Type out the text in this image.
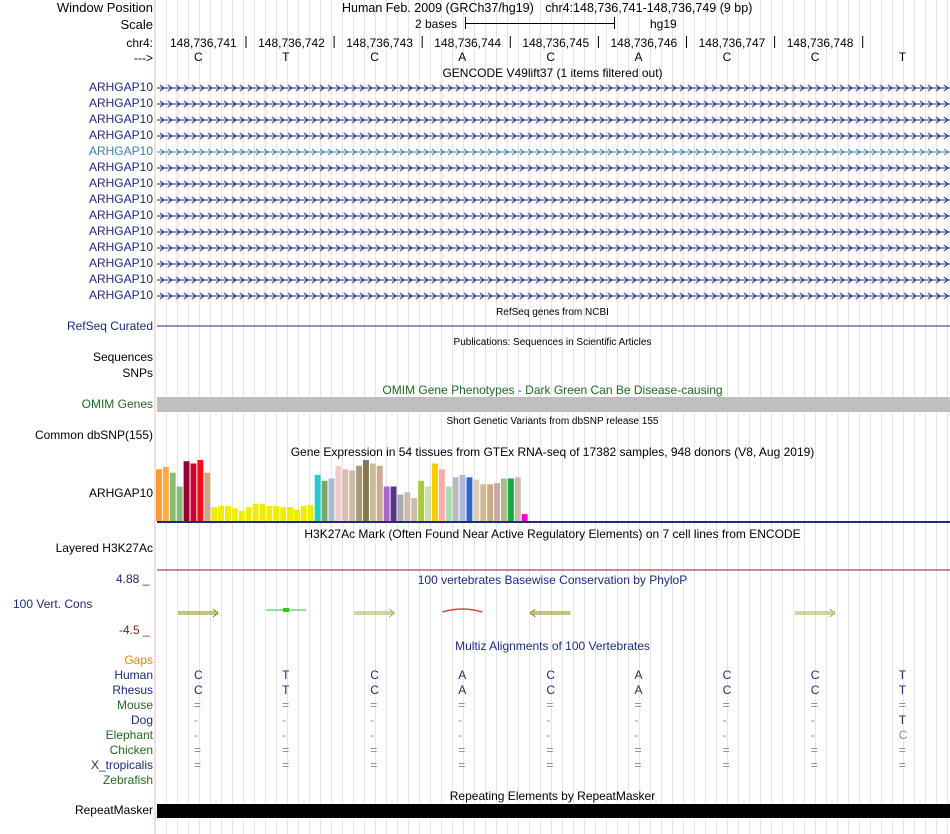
Window Position	Human Feb. 2009 (GRCh37/hg19) chr4:148,736,741-148,736,749 (9 bp)
Scale	2 bases	hg19
chr4: 148,736,741 148,736,742 148,736,743 148,736,744 148,736,745 148,736,746 148,736,747 148,736,748
--->	C	T	C	A	C	A	C	C	T
GENCODE V49lift37 (1 items filtered out)
ARHGAP10
ARHGAP10
ARHGAP10
ARHGAP10
ARHGAP10
ARHGAP10
ARHGAP10
ARHGAP10
ARHGAP10
ARHGAP10
ARHGAP10
ARHGAP10
ARHGAP10
ARHGAP10
RefSeq genes from NCBI
RefSeq Curated
Publications: Sequences in Scientific Articles
Sequences
SNPs
OMIM Gene Phenotypes - Dark Green Can Be Disease-causing
OMIM Genes
Short Genetic Variants from dbSNP release 155
Common dbSNP(155)
Gene Expression in 54 tissues from GTEx RNA-seq of 17382 samples, 948 donors (V8, Aug 2019)
ARHGAP10
H3K27Ac Mark (Often Found Near Active Regulatory Elements) on 7 cell lines from ENCODE
Layered H3K27Ac
4.88 _	100 vertebrates Basewise Conservation by PhyloP
100 Vert. Cons
-4.5 _
Multiz Alignments of 100 Vertebrates
Gaps
Human	C	T	C	A	C	A	C	C	T
Rhesus	C	T	C	A	C	A	C	C	T
Mouse	=	=	=	=	=	=	=	=	=
Dog	-	-	-	-	-	-	-	-	T
Elephant	-	-	-	-	-	-	-	-	C
Chicken	=	=	=	=	=	=	=	=	=
X_tropicalis	=	=	=	=	=	=	=	=	=
Zebrafish
Repeating Elements by RepeatMasker
RepeatMasker
